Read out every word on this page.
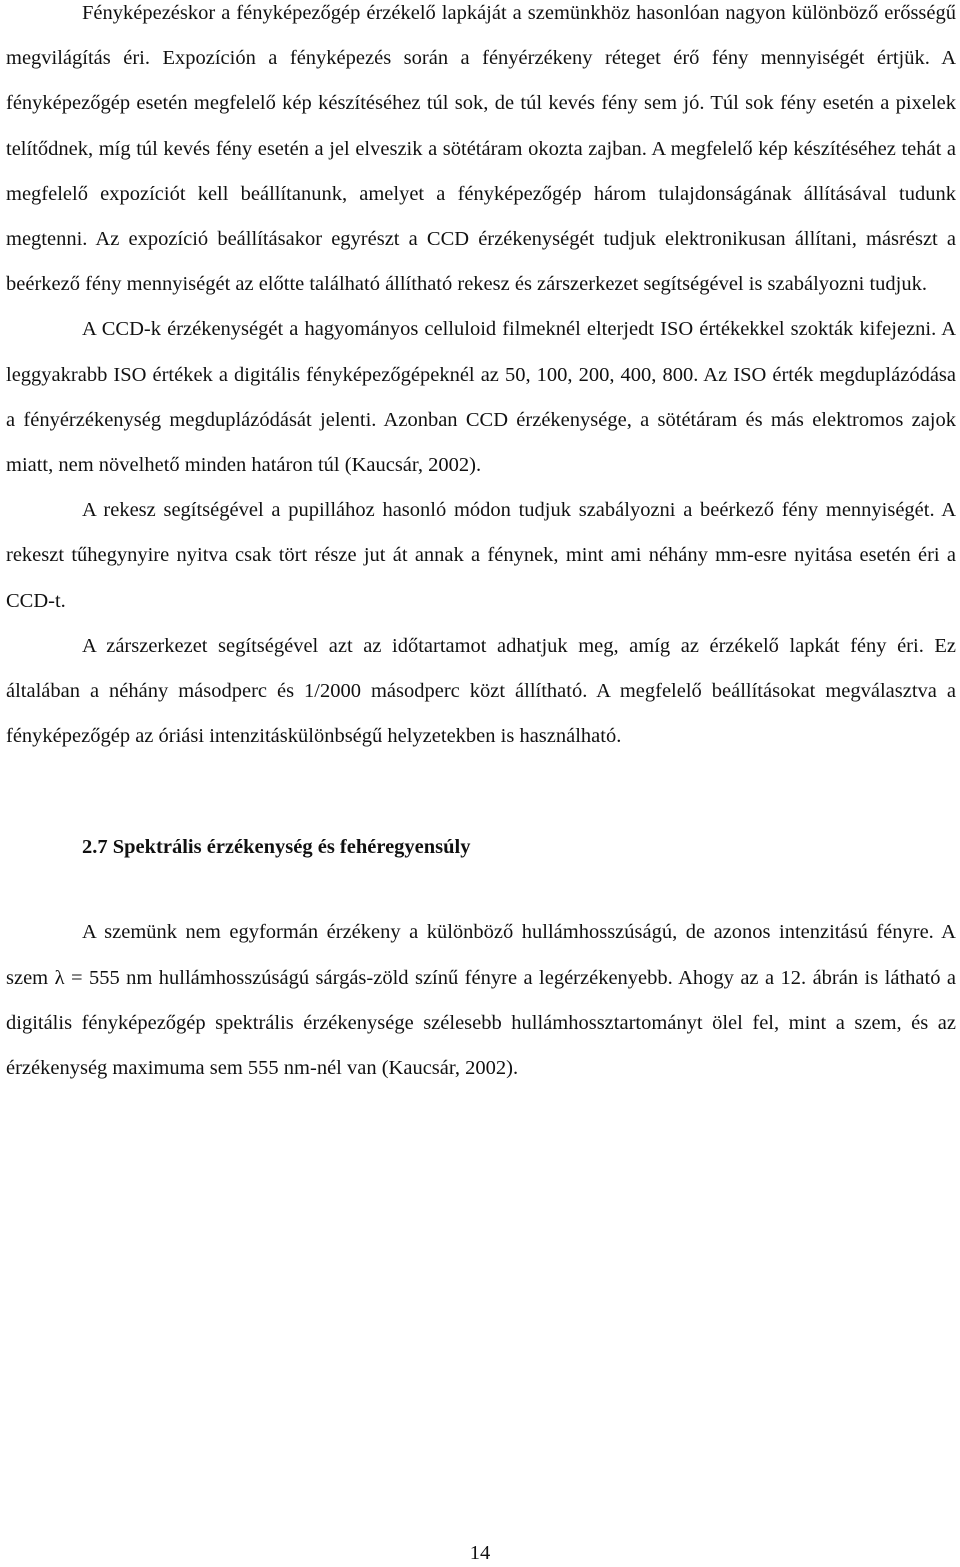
Fényképezéskor a fényképezőgép érzékelő lapkáját a szemünkhöz hasonlóan nagyon különböző erősségű megvilágítás éri. Expozíción a fényképezés során a fényérzékeny réteget érő fény mennyiségét értjük. A fényképezőgép esetén megfelelő kép készítéséhez túl sok, de túl kevés fény sem jó. Túl sok fény esetén a pixelek telítődnek, míg túl kevés fény esetén a jel elveszik a sötétáram okozta zajban. A megfelelő kép készítéséhez tehát a megfelelő expozíciót kell beállítanunk, amelyet a fényképezőgép három tulajdonságának állításával tudunk megtenni. Az expozíció beállításakor egyrészt a CCD érzékenységét tudjuk elektronikusan állítani, másrészt a beérkező fény mennyiségét az előtte található állítható rekesz és zárszerkezet segítségével is szabályozni tudjuk.

A CCD-k érzékenységét a hagyományos celluloid filmeknél elterjedt ISO értékekkel szokták kifejezni. A leggyakrabb ISO értékek a digitális fényképezőgépeknél az 50, 100, 200, 400, 800. Az ISO érték megduplázódása a fényérzékenység megduplázódását jelenti. Azonban CCD érzékenysége, a sötétáram és más elektromos zajok miatt, nem növelhető minden határon túl (Kaucsár, 2002).

A rekesz segítségével a pupillához hasonló módon tudjuk szabályozni a beérkező fény mennyiségét. A rekeszt tűhegynyire nyitva csak tört része jut át annak a fénynek, mint ami néhány mm-esre nyitása esetén éri a CCD-t.

A zárszerkezet segítségével azt az időtartamot adhatjuk meg, amíg az érzékelő lapkát fény éri. Ez általában a néhány másodperc és 1/2000 másodperc közt állítható. A megfelelő beállításokat megválasztva a fényképezőgép az óriási intenzitáskülönbségű helyzetekben is használható.

2.7 Spektrális érzékenység és fehéregyensúly

A szemünk nem egyformán érzékeny a különböző hullámhosszúságú, de azonos intenzitású fényre. A szem λ = 555 nm hullámhosszúságú sárgás-zöld színű fényre a legérzékenyebb. Ahogy az a 12. ábrán is látható a digitális fényképezőgép spektrális érzékenysége szélesebb hullámhossztartományt ölel fel, mint a szem, és az érzékenység maximuma sem 555 nm-nél van (Kaucsár, 2002).

14
